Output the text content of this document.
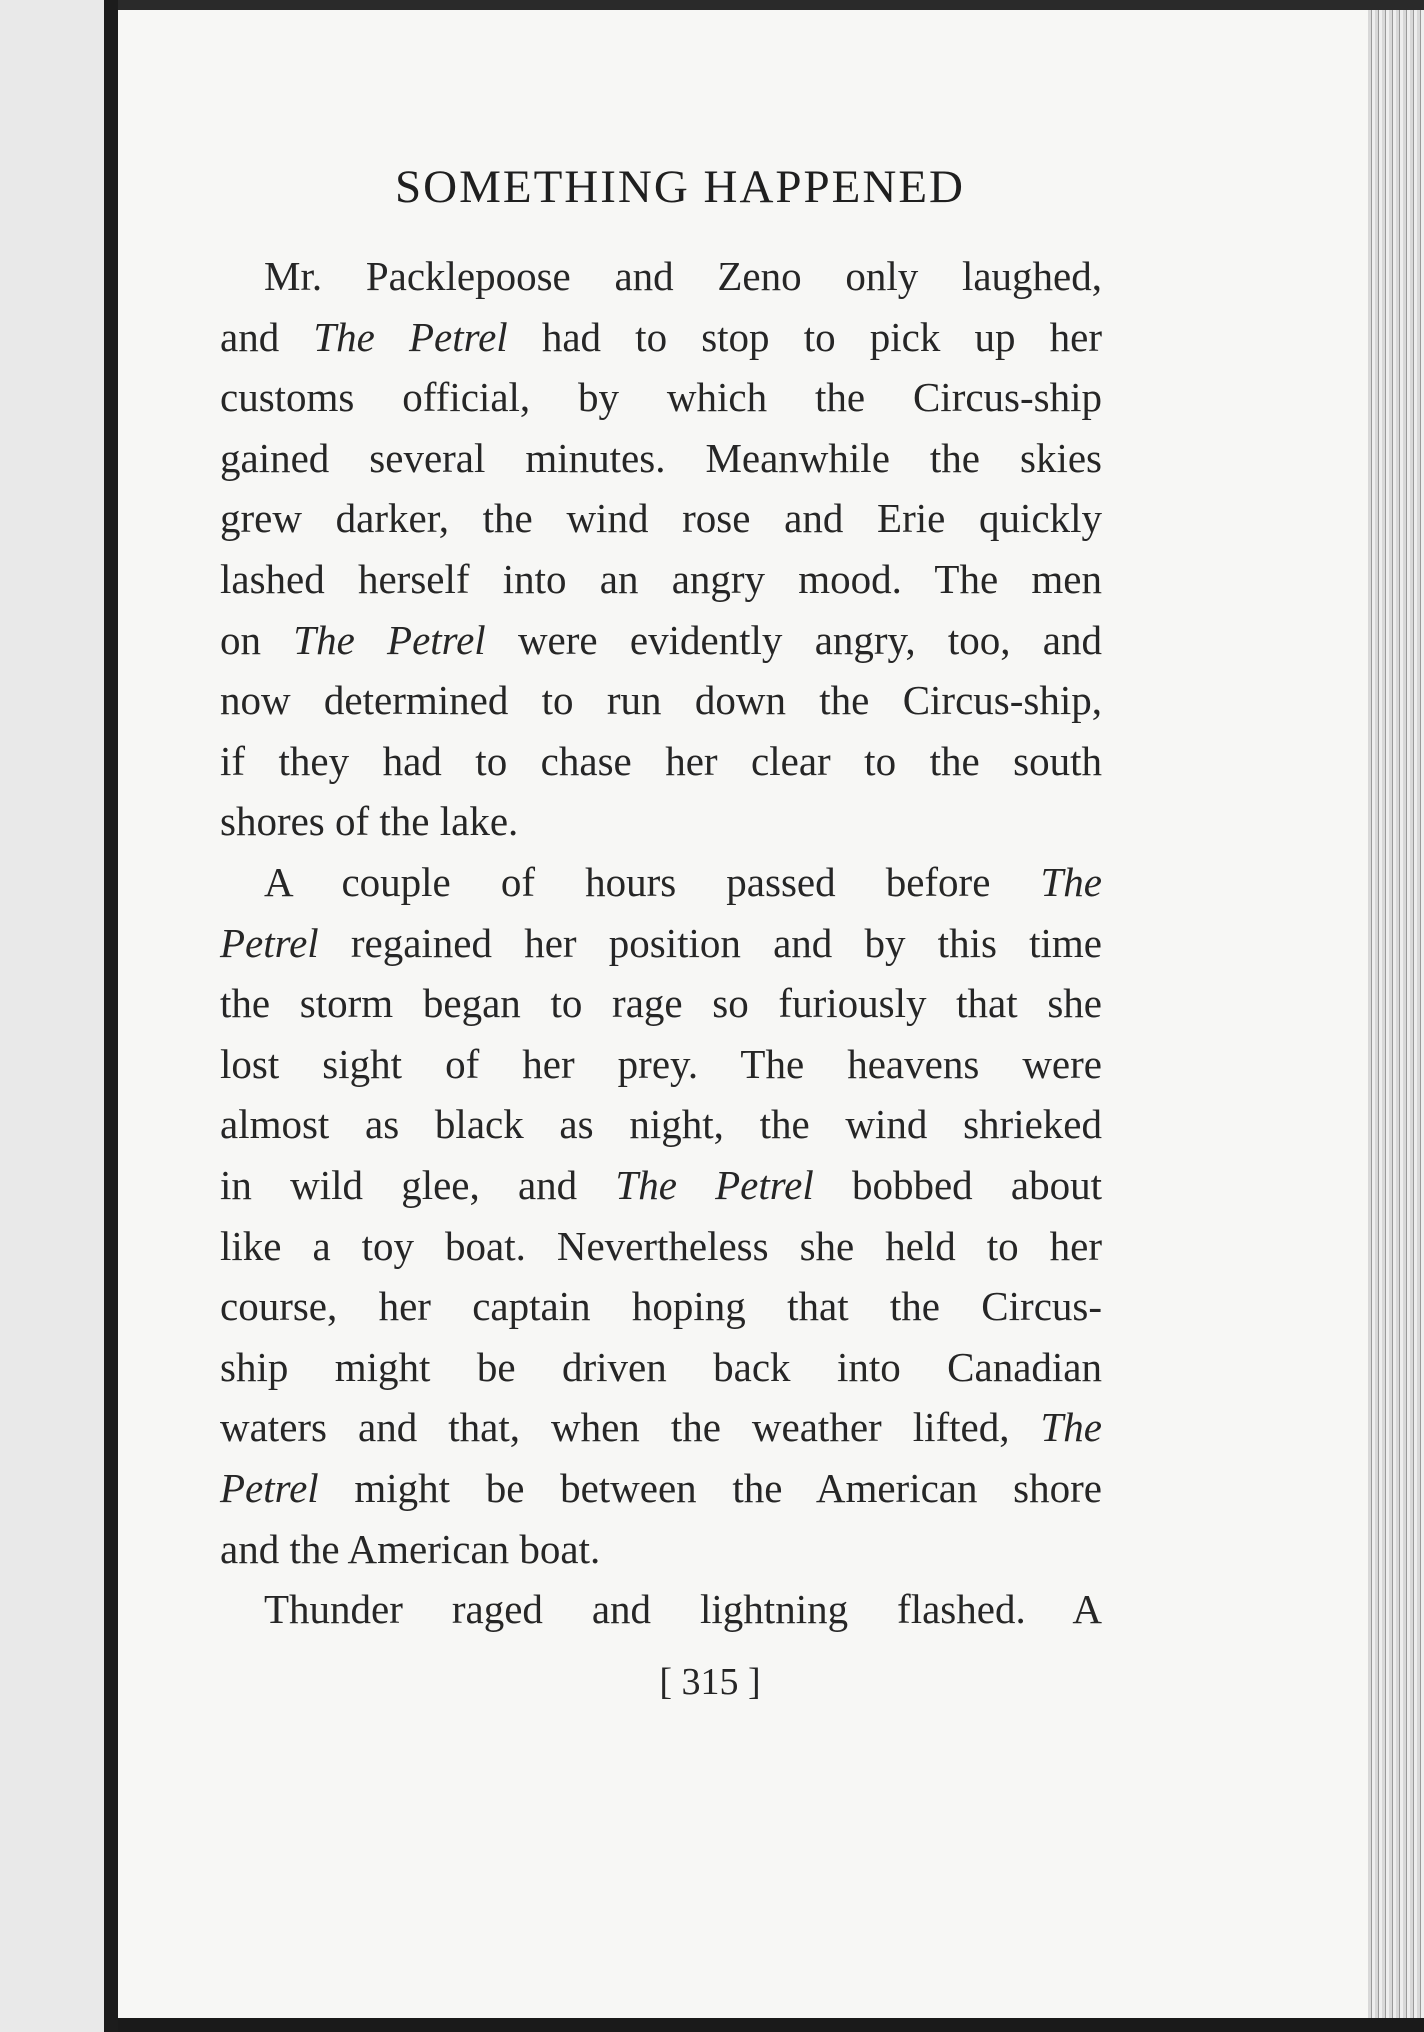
SOMETHING HAPPENED
Mr. Packlepoose and Zeno only laughed,
and The Petrel had to stop to pick up her
customs official, by which the Circus-ship
gained several minutes. Meanwhile the skies
grew darker, the wind rose and Erie quickly
lashed herself into an angry mood. The men
on The Petrel were evidently angry, too, and
now determined to run down the Circus-ship,
if they had to chase her clear to the south
shores of the lake.
A couple of hours passed before The
Petrel regained her position and by this time
the storm began to rage so furiously that she
lost sight of her prey. The heavens were
almost as black as night, the wind shrieked
in wild glee, and The Petrel bobbed about
like a toy boat. Nevertheless she held to her
course, her captain hoping that the Circus-
ship might be driven back into Canadian
waters and that, when the weather lifted, The
Petrel might be between the American shore
and the American boat.
Thunder raged and lightning flashed. A
[ 315 ]
